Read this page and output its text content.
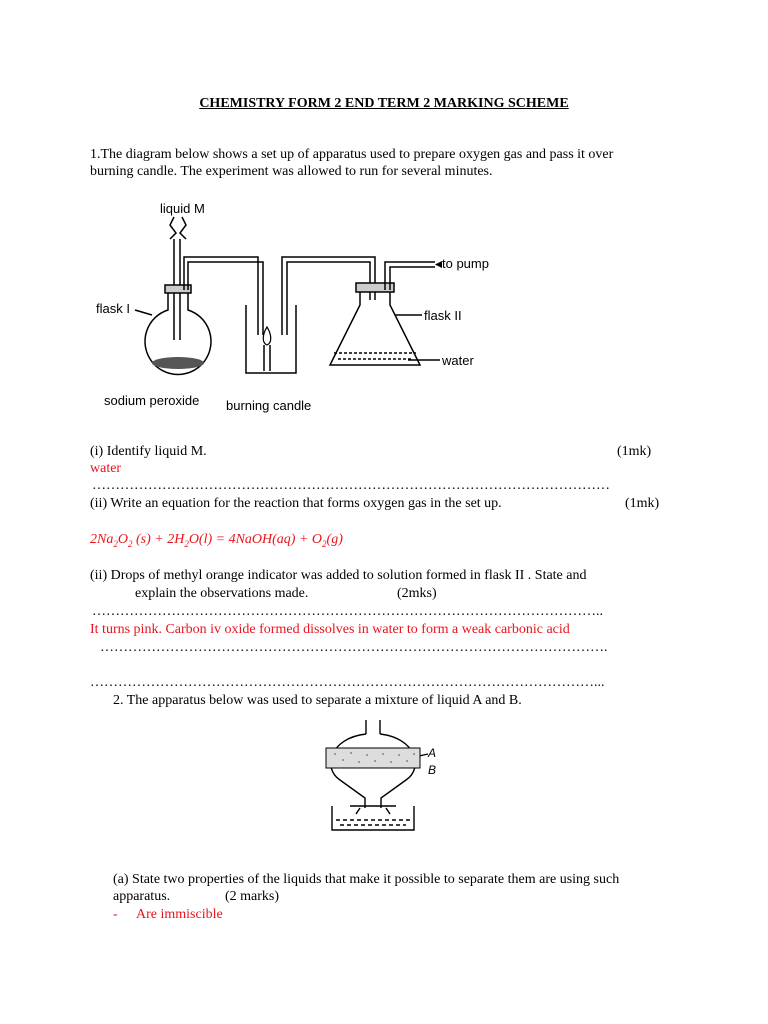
CHEMISTRY FORM 2 END TERM 2 MARKING SCHEME
1.The diagram below shows a set up of apparatus used to prepare oxygen gas and pass it over
burning candle. The experiment was allowed to run for several minutes.
liquid M
to pump
flask I	flask II
water
sodium peroxide burning candle
(i) Identify liquid M.	(1mk)
water
…………………………………………………………………………………………………
(ii) Write an equation for the reaction that forms oxygen gas in the set up.	(1mk)
$2Na_2O_2$ $(s) + 2H_2O(l)$ = 4NaOH(aq) + $O_2(g)$
(ii) Drops of methyl orange indicator was added to solution formed in flask II . State and
explain the observations made.	(2mks)
………………………………………………………………………………………………..
It turns pink. Carbon iv oxide formed dissolves in water to form a weak carbonic acid
……………………………………………………………………………………………….
………………………………………………………………………………………………...
2. The apparatus below was used to separate a mixture of liquid A and B.
A
B
(a) State two properties of the liquids that make it possible to separate them are using such
apparatus.	(2 marks)
- Are immiscible
